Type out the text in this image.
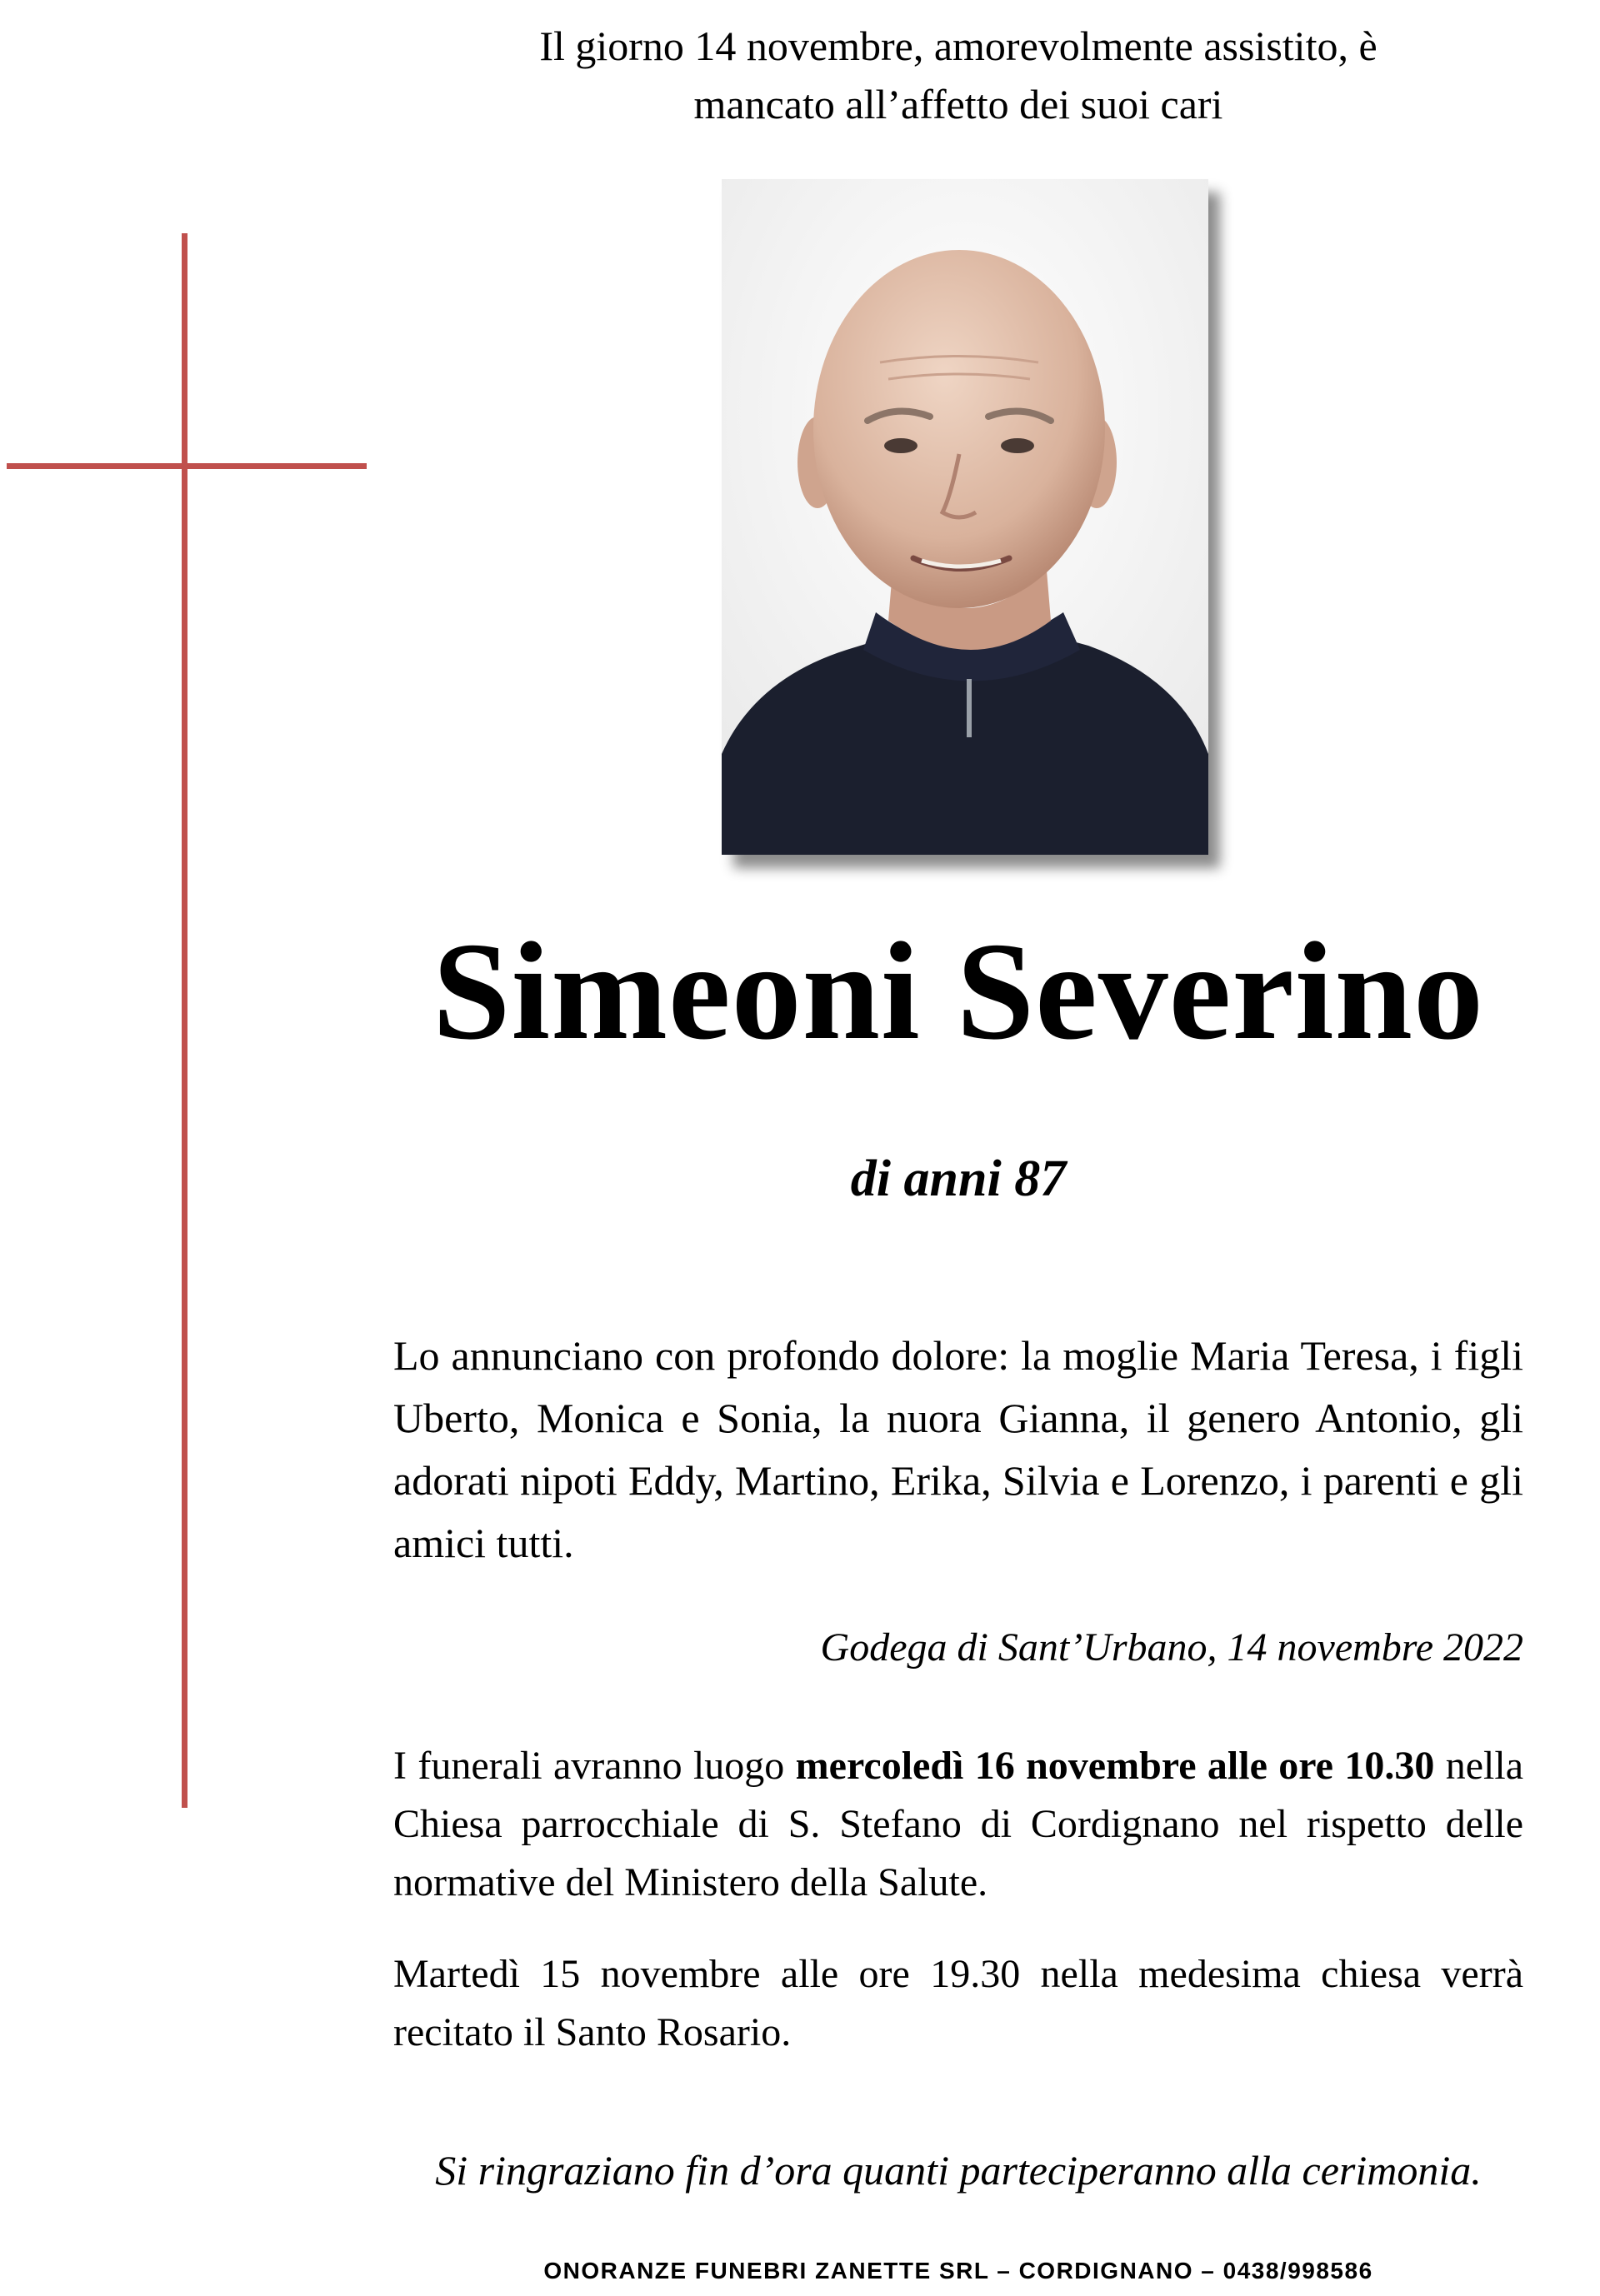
Il giorno 14 novembre, amorevolmente assistito, è
mancato all’affetto dei suoi cari
Simeoni Severino
di anni 87
Lo annunciano con profondo dolore: la moglie Maria Teresa, i figli Uberto, Monica e Sonia, la nuora Gianna, il genero Antonio, gli adorati nipoti Eddy, Martino, Erika, Silvia e Lorenzo, i parenti e gli amici tutti.
Godega di Sant’Urbano, 14 novembre 2022
I funerali avranno luogo mercoledì 16 novembre alle ore 10.30 nella Chiesa parrocchiale di S. Stefano di Cordignano nel rispetto delle normative del Ministero della Salute.
Martedì 15 novembre alle ore 19.30 nella medesima chiesa verrà recitato il Santo Rosario.
Si ringraziano fin d’ora quanti parteciperanno alla cerimonia.
ONORANZE FUNEBRI ZANETTE SRL – CORDIGNANO – 0438/998586
